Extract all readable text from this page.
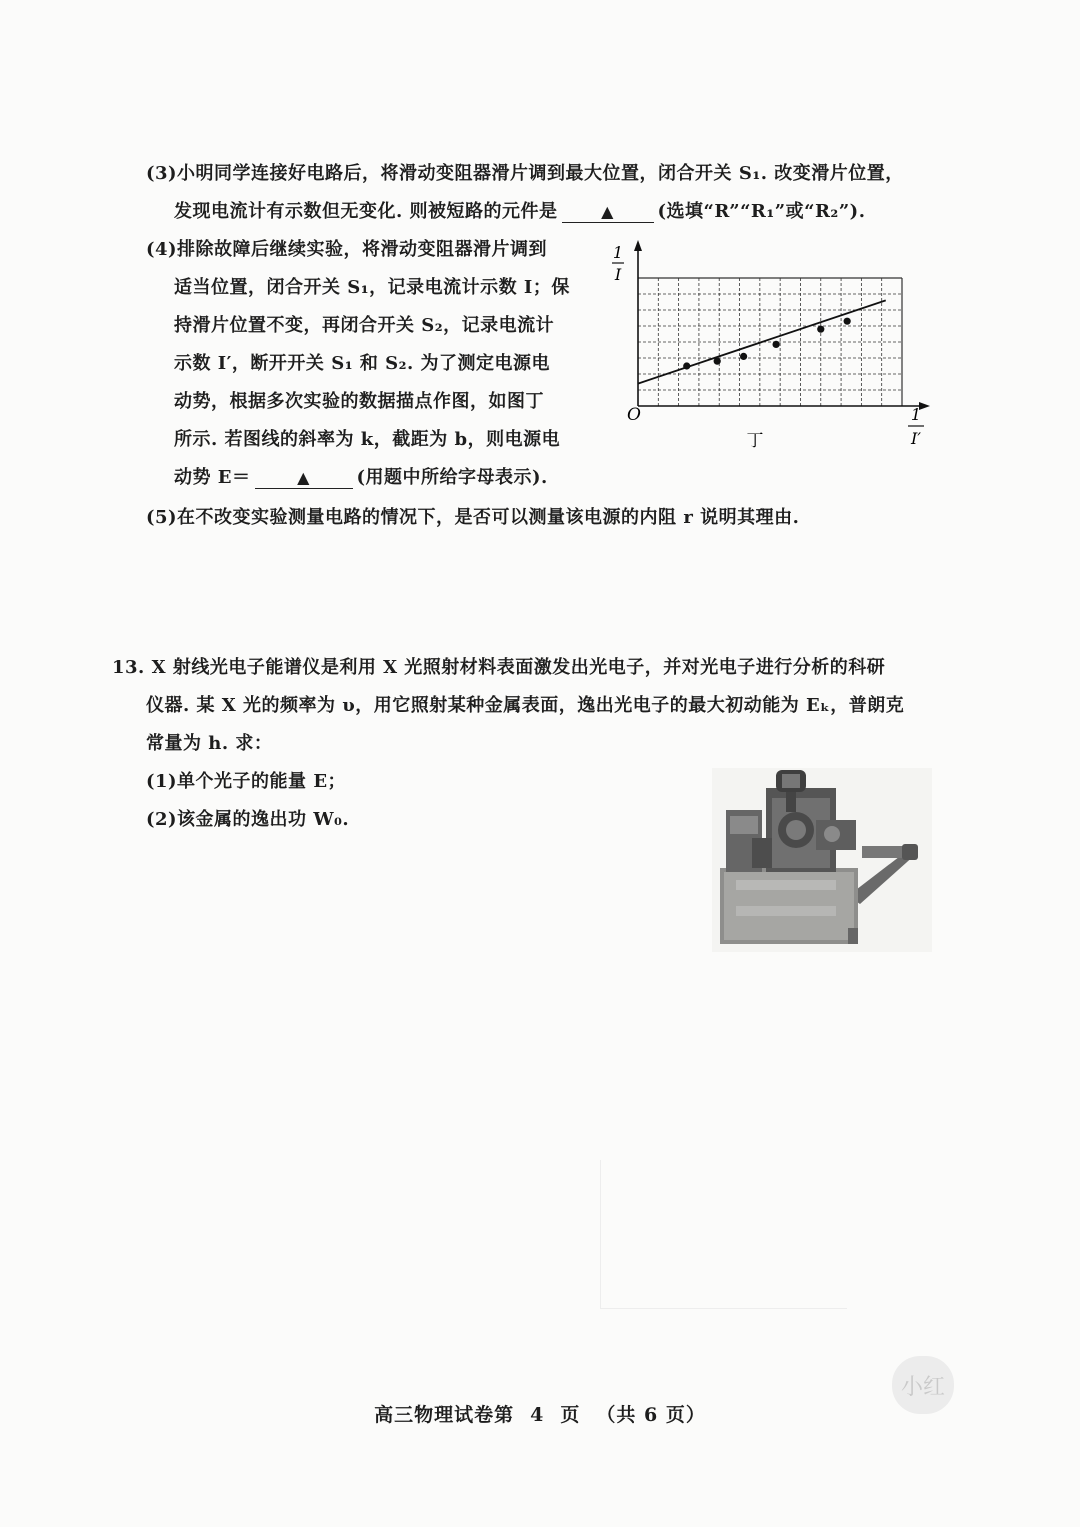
(3)小明同学连接好电路后，将滑动变阻器滑片调到最大位置，闭合开关 S₁. 改变滑片位置，
发现电流计有示数但无变化. 则被短路的元件是	▲ (选填“R”“R₁”或“R₂”).
(4)排除故障后继续实验，将滑动变阻器滑片调到
适当位置，闭合开关 S₁，记录电流计示数 I；保
持滑片位置不变，再闭合开关 S₂，记录电流计
示数 I′，断开开关 S₁ 和 S₂. 为了测定电源电
动势，根据多次实验的数据描点作图，如图丁
所示. 若图线的斜率为 k，截距为 b，则电源电
动势 E＝	▲	(用题中所给字母表示).
(5)在不改变实验测量电路的情况下，是否可以测量该电源的内阻 r 说明其理由.
1
I
O	1
I′
丁
13. X 射线光电子能谱仪是利用 X 光照射材料表面激发出光电子，并对光电子进行分析的科研
仪器. 某 X 光的频率为 υ，用它照射某种金属表面，逸出光电子的最大初动能为 Eₖ，普朗克
常量为 h. 求：
(1)单个光子的能量 E；
(2)该金属的逸出功 W₀.
高三物理试卷第 4 页 （共 6 页）
小红
